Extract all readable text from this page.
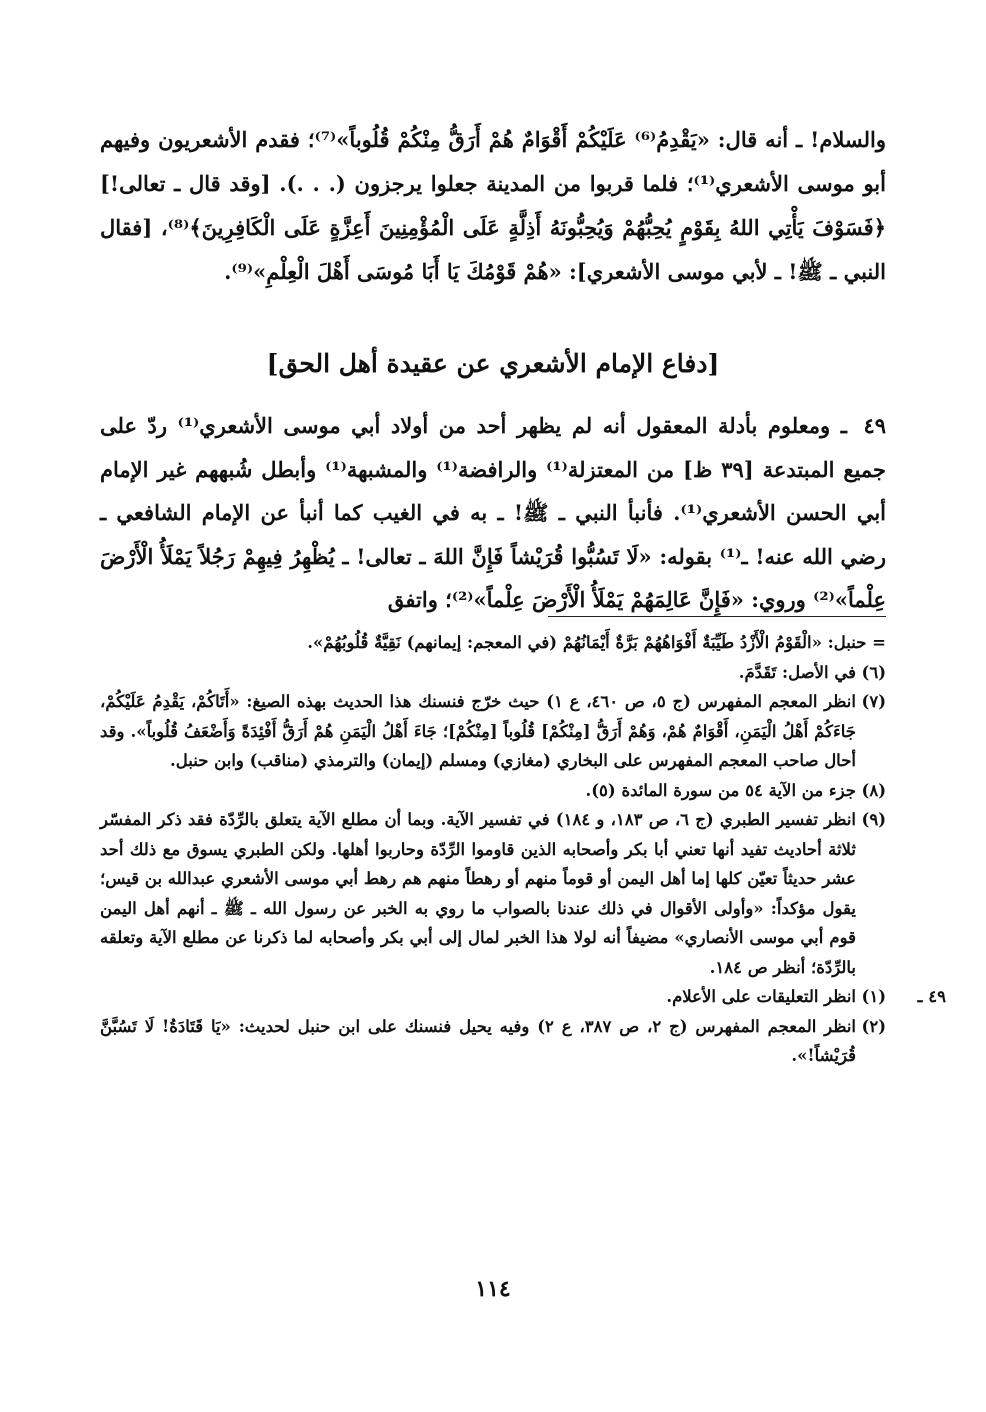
والسلام! ـ أنه قال: «يَقْدِمُ⁽⁶⁾ عَلَيْكُمْ أَقْوَامٌ هُمْ أَرَقُّ مِنْكُمْ قُلُوباً»⁽⁷⁾؛ فقدم الأشعريون وفيهم أبو موسى الأشعري⁽¹⁾؛ فلما قربوا من المدينة جعلوا يرجزون (. . .). [وقد قال ـ تعالى!] ﴿فَسَوْفَ يَأْتِي اللهُ بِقَوْمٍ يُحِبُّهُمْ وَيُحِبُّونَهُ أَذِلَّةٍ عَلَى الْمُؤْمِنِينَ أَعِزَّةٍ عَلَى الْكَافِرِينَ﴾⁽⁸⁾، [فقال النبي ـ ﷺ! ـ لأبي موسى الأشعري]: «هُمْ قَوْمُكَ يَا أَبَا مُوسَى أَهْلَ الْعِلْمِ»⁽⁹⁾.

[دفاع الإمام الأشعري عن عقيدة أهل الحق]
٤٩ ـ ومعلوم بأدلة المعقول أنه لم يظهر أحد من أولاد أبي موسى الأشعري⁽¹⁾ ردّ على جميع المبتدعة [٣٩ ظ] من المعتزلة⁽¹⁾ والرافضة⁽¹⁾ والمشبهة⁽¹⁾ وأبطل شُبههم غير الإمام أبي الحسن الأشعري⁽¹⁾. فأنبأ النبي ـ ﷺ! ـ به في الغيب كما أنبأ عن الإمام الشافعي ـ رضي الله عنه! ـ⁽¹⁾ بقوله: «لَا تَسُبُّوا قُرَيْشاً فَإِنَّ اللهَ ـ تعالى! ـ يُظْهِرُ فِيهِمْ رَجُلاً يَمْلَأُ الْأَرْضَ عِلْماً»⁽²⁾ وروي: «فَإِنَّ عَالِمَهُمْ يَمْلَأُ الْأَرْضَ عِلْماً»⁽²⁾؛ واتفق
= حنبل: «الْقَوْمُ الْأَزْدُ طَيِّبَةٌ أَفْوَاهُهُمْ بَرَّةٌ أَيْمَانُهُمْ (في المعجم: إيمانهم) نَقِيَّةٌ قُلُوبُهُمْ».
(٦)
في الأصل: تَقَدَّمَ.
(٧)
انظر المعجم المفهرس (ج ٥، ص ٤٦٠، ع ١) حيث خرّج فنسنك هذا الحديث بهذه الصيغ: «أَتَاكُمْ، يَقْدِمُ عَلَيْكُمْ، جَاءَكُمْ أَهْلُ الْيَمَنِ، أَقْوَامٌ هُمْ، وَهُمْ أَرَقُّ [مِنْكُمْ] قُلُوباً [مِنْكُمْ]؛ جَاءَ أَهْلُ الْيَمَنِ هُمْ أَرَقُّ أَفْئِدَةً وَأَضْعَفُ قُلُوباً». وقد أحال صاحب المعجم المفهرس على البخاري (مغازي) ومسلم (إيمان) والترمذي (مناقب) وابن حنبل.
(٨)
جزء من الآية ٥٤ من سورة المائدة (٥).
(٩)
انظر تفسير الطبري (ج ٦، ص ١٨٣، و ١٨٤) في تفسير الآية. وبما أن مطلع الآية يتعلق بالرِّدّة فقد ذكر المفسّر ثلاثة أحاديث تفيد أنها تعني أبا بكر وأصحابه الذين قاوموا الرِّدّة وحاربوا أهلها. ولكن الطبري يسوق مع ذلك أحد عشر حديثاً تعيّن كلها إما أهل اليمن أو قوماً منهم أو رهطاً منهم هم رهط أبي موسى الأشعري عبدالله بن قيس؛ يقول مؤكداً: «وأولى الأقوال في ذلك عندنا بالصواب ما روي به الخبر عن رسول الله ـ ﷺ ـ أنهم أهل اليمن قوم أبي موسى الأنصاري» مضيفاً أنه لولا هذا الخبر لمال إلى أبي بكر وأصحابه لما ذكرنا عن مطلع الآية وتعلقه بالرِّدّة؛ أنظر ص ١٨٤.
٤٩ ـ
(١)
انظر التعليقات على الأعلام.
(٢)
انظر المعجم المفهرس (ج ٢، ص ٣٨٧، ع ٢) وفيه يحيل فنسنك على ابن حنبل لحديث: «يَا قَتَادَةُ! لَا تَسُبَّنَّ قُرَيْشاً!».
١١٤
